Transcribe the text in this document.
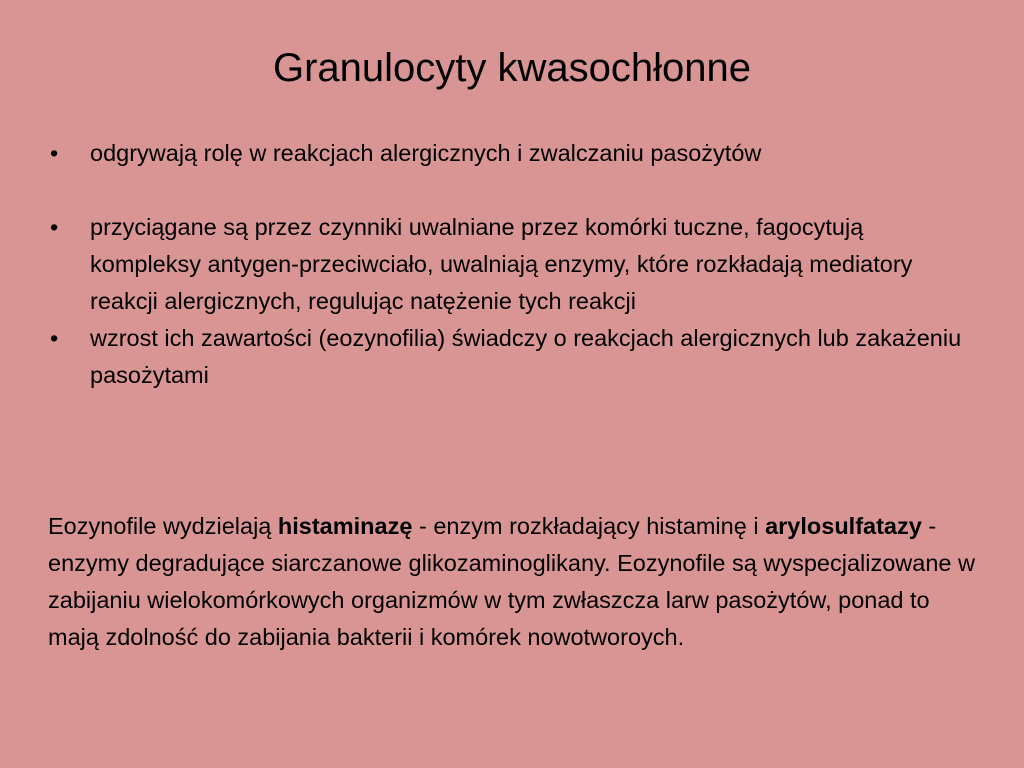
Granulocyty kwasochłonne
• odgrywają rolę w reakcjach alergicznych i zwalczaniu pasożytów
• przyciągane są przez czynniki uwalniane przez komórki tuczne, fagocytują kompleksy antygen-przeciwciało, uwalniają enzymy, które rozkładają mediatory reakcji alergicznych, regulując natężenie tych reakcji
• wzrost ich zawartości (eozynofilia) świadczy o reakcjach alergicznych lub zakażeniu pasożytami

Eozynofile wydzielają histaminazę - enzym rozkładający histaminę i arylosulfatazy - enzymy degradujące siarczanowe glikozaminoglikany. Eozynofile są wyspecjalizowane w zabijaniu wielokomórkowych organizmów w tym zwłaszcza larw pasożytów, ponad to mają zdolność do zabijania bakterii i komórek nowotworoych.
